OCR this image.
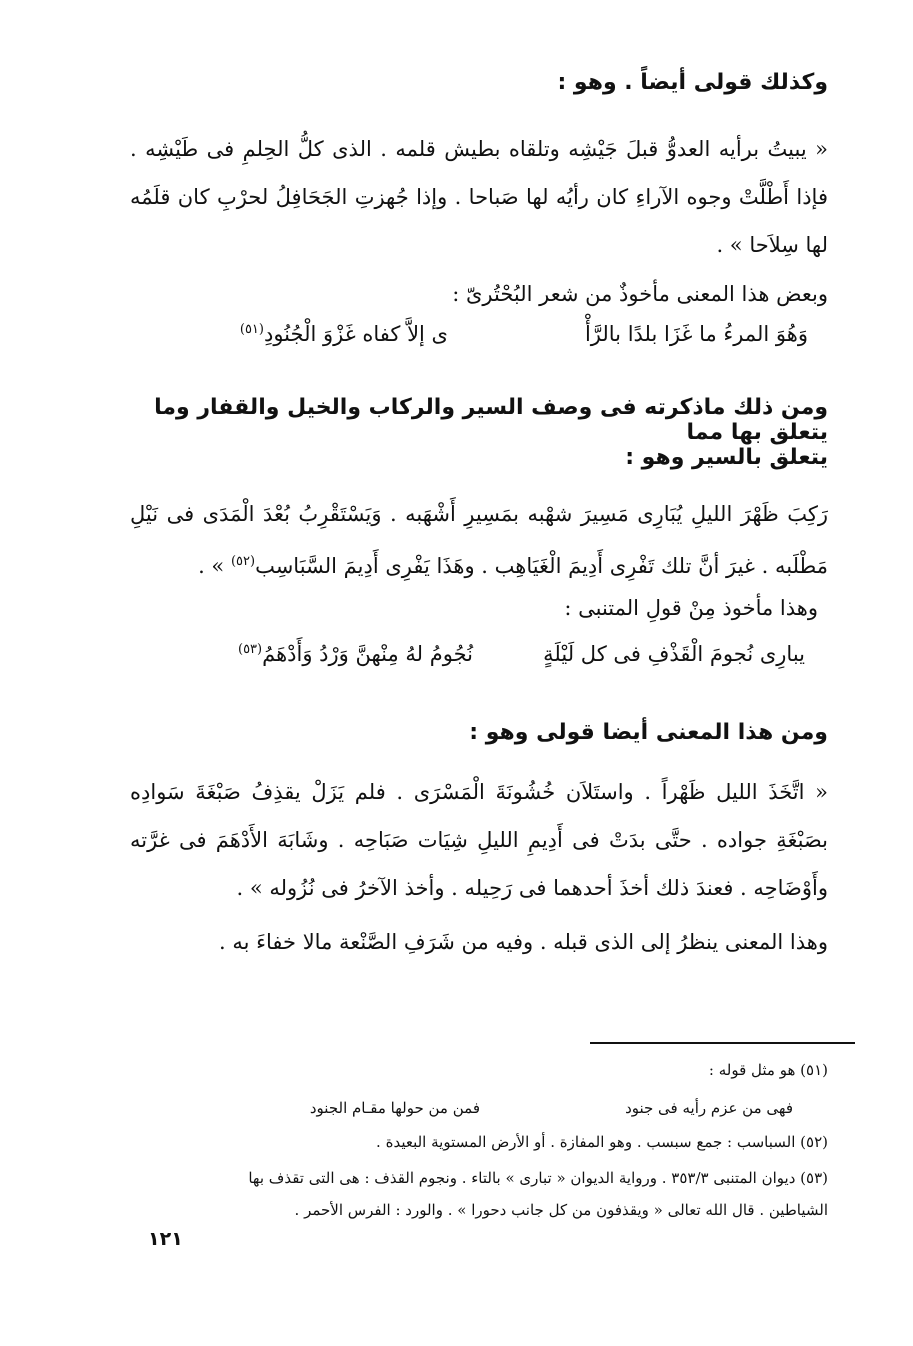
وكذلك قولى أيضاً . وهو :
« يبيتُ برأيه العدوُّ قبلَ جَيْشِه وتلقاه بطيش قلمه . الذى كلُّ الحِلمِ فى طَيْشِه . فإذا أَطْلَّتْ وجوه الآراءِ كان رأيُه لها صَباحا . وإذا جُهزتِ الجَحَافِلُ لحرْبِ كان قلَمُه لها سِلاَحا » .
وبعض هذا المعنى مأخوذٌ من شعر البُحْتُرىّ :
وَهُوَ المرءُ ما غَزَا بلدًا بالرَّأْ
ى إلاَّ كفاه غَزْوَ الْجُنُودِ$^{(٥١)}$
ومن ذلك ماذكرته فى وصف السير والركاب والخيل والقفار وما يتعلق بها مما
يتعلق بالسير وهو :
رَكِبَ ظَهْرَ الليلِ يُبَارِى مَسِيرَ شهْبه بمَسِيرِ أَشْهَبه . وَيَسْتَقْرِبُ بُعْدَ الْمَدَى فى نَيْلِ مَطْلَبه . غيرَ أنَّ تلك تَفْرِى أَدِيمَ الْغَيَاهِب . وهَذَا يَفْرِى أَدِيمَ السَّبَاسِب$^{(٥٢)}$ » .
وهذا مأخوذ مِنْ قولِ المتنبى :
يبارِى نُجومَ الْقَذْفِ فى كل لَيْلَةٍ
نُجُومُ لهُ مِنْهنَّ وَرْدُ وَأَدْهَمُ$^{(٥٣)}$
ومن هذا المعنى أيضا قولى وهو :
« اتَّخَذَ الليل ظَهْراً . واستَلاَن خُشُونَةَ الْمَسْرَى . فلم يَزَلْ يقذِفُ صَبْغَةَ سَوادِه بصَبْغَةِ جواده . حتَّى بدَتْ فى أَدِيمِ الليلِ شِيَات صَبَاحِه . وشَابَهَ الأَدْهَمَ فى غرَّته وأَوْضَاحِه . فعندَ ذلك أخذَ أحدهما فى رَحِيله . وأخذ الآخرُ فى نُزُوله » .
وهذا المعنى ينظرُ إلى الذى قبله . وفيه من شَرَفِ الصَّنْعة مالا خفاءَ به .
(٥١) هو مثل قوله :
فهى من عزم رأيه فى جنود
فمن من حولها مقـام الجنود
(٥٢) السباسب : جمع سبسب . وهو المفازة . أو الأرض المستوية البعيدة .
(٥٣) ديوان المتنبى ٣٥٣/٣ . ورواية الديوان « تبارى » بالتاء . ونجوم القذف : هى التى تقذف بها
الشياطين . قال الله تعالى « ويقذفون من كل جانب دحورا » . والورد : الفرس الأحمر .
١٢١
